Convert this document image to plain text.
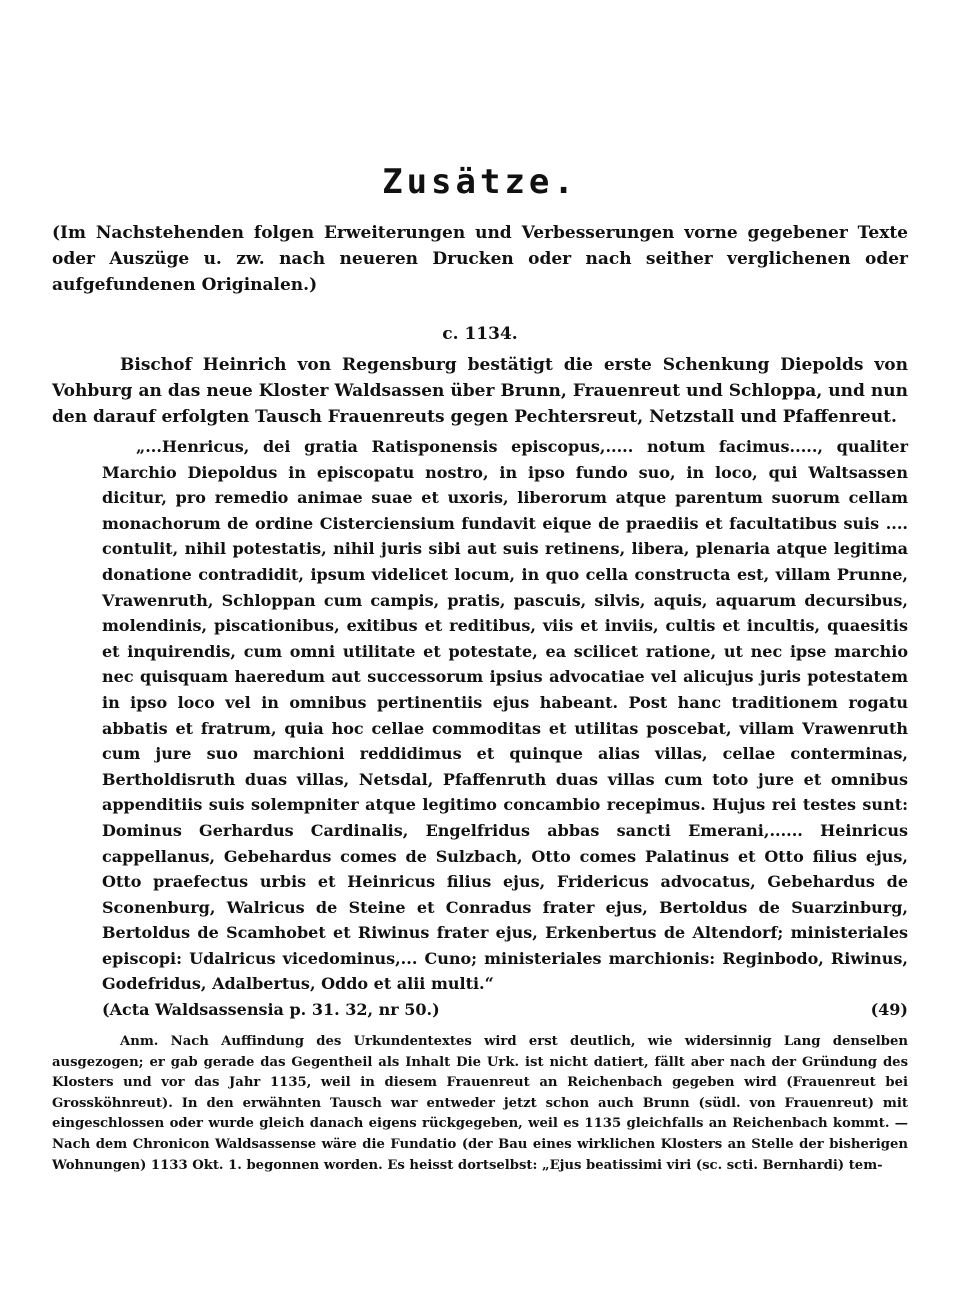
Zusätze.

(Im Nachstehenden folgen Erweiterungen und Verbesserungen vorne gegebener Texte oder Auszüge u. zw. nach neueren Drucken oder nach seither verglichenen oder aufgefundenen Originalen.)

c. 1134.

Bischof Heinrich von Regensburg bestätigt die erste Schenkung Diepolds von Vohburg an das neue Kloster Waldsassen über Brunn, Frauenreut und Schloppa, und nun den darauf erfolgten Tausch Frauenreuts gegen Pechtersreut, Netzstall und Pfaffenreut.

„...Henricus, dei gratia Ratisponensis episcopus,..... notum facimus....., qualiter Marchio Diepoldus in episcopatu nostro, in ipso fundo suo, in loco, qui Waltsassen dicitur, pro remedio animae suae et uxoris, liberorum atque parentum suorum cellam monachorum de ordine Cisterciensium fundavit eique de praediis et facultatibus suis .... contulit, nihil potestatis, nihil juris sibi aut suis retinens, libera, plenaria atque legitima donatione contradidit, ipsum videlicet locum, in quo cella constructa est, villam Prunne, Vrawenruth, Schloppan cum campis, pratis, pascuis, silvis, aquis, aquarum decursibus, molendinis, piscationibus, exitibus et reditibus, viis et inviis, cultis et incultis, quaesitis et inquirendis, cum omni utilitate et potestate, ea scilicet ratione, ut nec ipse marchio nec quisquam haeredum aut successorum ipsius advocatiae vel alicujus juris potestatem in ipso loco vel in omnibus pertinentiis ejus habeant. Post hanc traditionem rogatu abbatis et fratrum, quia hoc cellae commoditas et utilitas poscebat, villam Vrawenruth cum jure suo marchioni reddidimus et quinque alias villas, cellae conterminas, Bertholdisruth duas villas, Netsdal, Pfaffenruth duas villas cum toto jure et omnibus appenditiis suis solempniter atque legitimo concambio recepimus. Hujus rei testes sunt: Dominus Gerhardus Cardinalis, Engelfridus abbas sancti Emerani,...... Heinricus cappellanus, Gebehardus comes de Sulzbach, Otto comes Palatinus et Otto filius ejus, Otto praefectus urbis et Heinricus filius ejus, Fridericus advocatus, Gebehardus de Sconenburg, Walricus de Steine et Conradus frater ejus, Bertoldus de Suarzinburg, Bertoldus de Scamhobet et Riwinus frater ejus, Erkenbertus de Altendorf; ministeriales episcopi: Udalricus vicedominus,... Cuno; ministeriales marchionis: Reginbodo, Riwinus, Godefridus, Adalbertus, Oddo et alii multi.“

(Acta Waldsassensia p. 31. 32, nr 50.)	(49)

Anm. Nach Auffindung des Urkundentextes wird erst deutlich, wie widersinnig Lang denselben ausgezogen; er gab gerade das Gegentheil als Inhalt Die Urk. ist nicht datiert, fällt aber nach der Gründung des Klosters und vor das Jahr 1135, weil in diesem Frauenreut an Reichenbach gegeben wird (Frauenreut bei Grossköhnreut). In den erwähnten Tausch war entweder jetzt schon auch Brunn (südl. von Frauenreut) mit eingeschlossen oder wurde gleich danach eigens rückgegeben, weil es 1135 gleichfalls an Reichenbach kommt. — Nach dem Chronicon Waldsassense wäre die Fundatio (der Bau eines wirklichen Klosters an Stelle der bisherigen Wohnungen) 1133 Okt. 1. begonnen worden. Es heisst dortselbst: „Ejus beatissimi viri (sc. scti. Bernhardi) tem-
